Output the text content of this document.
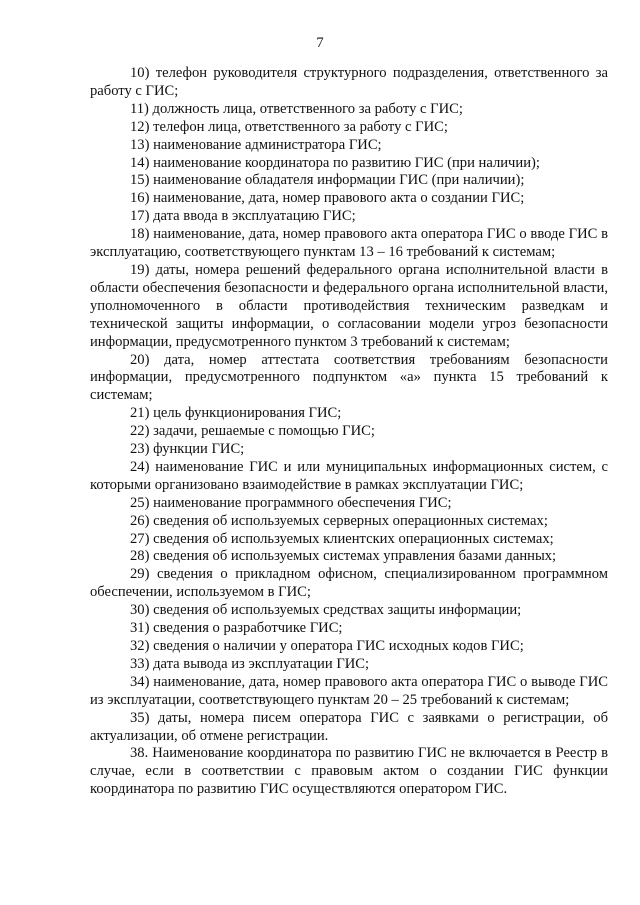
7

10) телефон руководителя структурного подразделения, ответственного за работу с ГИС;

11) должность лица, ответственного за работу с ГИС;

12) телефон лица, ответственного за работу с ГИС;

13) наименование администратора ГИС;

14) наименование координатора по развитию ГИС (при наличии);

15) наименование обладателя информации ГИС (при наличии);

16) наименование, дата, номер правового акта о создании ГИС;

17) дата ввода в эксплуатацию ГИС;

18) наименование, дата, номер правового акта оператора ГИС о вводе ГИС в эксплуатацию, соответствующего пунктам 13 – 16 требований к системам;

19) даты, номера решений федерального органа исполнительной власти в области обеспечения безопасности и федерального органа исполнительной власти, уполномоченного в области противодействия техническим разведкам и технической защиты информации, о согласовании модели угроз безопасности информации, предусмотренного пунктом 3 требований к системам;

20) дата, номер аттестата соответствия требованиям безопасности информации, предусмотренного подпунктом «а» пункта 15 требований к системам;

21) цель функционирования ГИС;

22) задачи, решаемые с помощью ГИС;

23) функции ГИС;

24) наименование ГИС и или муниципальных информационных систем, с которыми организовано взаимодействие в рамках эксплуатации ГИС;

25) наименование программного обеспечения ГИС;

26) сведения об используемых серверных операционных системах;

27) сведения об используемых клиентских операционных системах;

28) сведения об используемых системах управления базами данных;

29) сведения о прикладном офисном, специализированном программном обеспечении, используемом в ГИС;

30) сведения об используемых средствах защиты информации;

31) сведения о разработчике ГИС;

32) сведения о наличии у оператора ГИС исходных кодов ГИС;

33) дата вывода из эксплуатации ГИС;

34) наименование, дата, номер правового акта оператора ГИС о выводе ГИС из эксплуатации, соответствующего пунктам 20 – 25 требований к системам;

35) даты, номера писем оператора ГИС с заявками о регистрации, об актуализации, об отмене регистрации.

38. Наименование координатора по развитию ГИС не включается в Реестр в случае, если в соответствии с правовым актом о создании ГИС функции координатора по развитию ГИС осуществляются оператором ГИС.
